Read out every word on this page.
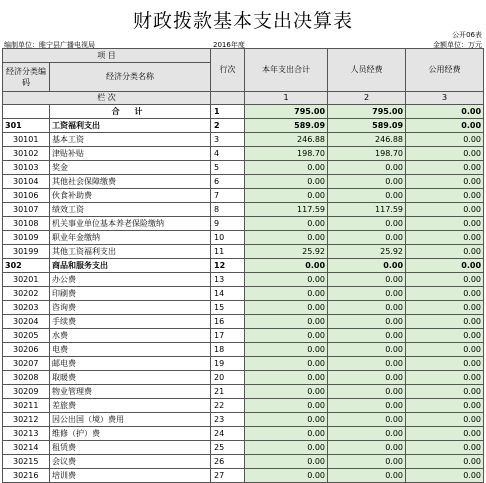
财政拨款基本支出决算表
公开06表
编制单位：睢宁县广播电视局	2016年度	金额单位：万元
项 目		行次	本年支出合计	人员经费	公用经费
经济分类编码	经济分类名称				
栏 次			1	2	3
	合 计	1	795.00	795.00	0.00
301	工资福利支出	2	589.09	589.09	0.00
30101	基本工资	3	246.88	246.88	0.00
30102	津贴补贴	4	198.70	198.70	0.00
30103	奖金	5	0.00	0.00	0.00
30104	其他社会保障缴费	6	0.00	0.00	0.00
30106	伙食补助费	7	0.00	0.00	0.00
30107	绩效工资	8	117.59	117.59	0.00
30108	机关事业单位基本养老保险缴纳	9	0.00	0.00	0.00
30109	职业年金缴纳	10	0.00	0.00	0.00
30199	其他工资福利支出	11	25.92	25.92	0.00
302	商品和服务支出	12	0.00	0.00	0.00
30201	办公费	13	0.00	0.00	0.00
30202	印刷费	14	0.00	0.00	0.00
30203	咨询费	15	0.00	0.00	0.00
30204	手续费	16	0.00	0.00	0.00
30205	水费	17	0.00	0.00	0.00
30206	电费	18	0.00	0.00	0.00
30207	邮电费	19	0.00	0.00	0.00
30208	取暖费	20	0.00	0.00	0.00
30209	物业管理费	21	0.00	0.00	0.00
30211	差旅费	22	0.00	0.00	0.00
30212	因公出国（境）费用	23	0.00	0.00	0.00
30213	维修（护）费	24	0.00	0.00	0.00
30214	租赁费	25	0.00	0.00	0.00
30215	会议费	26	0.00	0.00	0.00
30216	培训费	27	0.00	0.00	0.00
